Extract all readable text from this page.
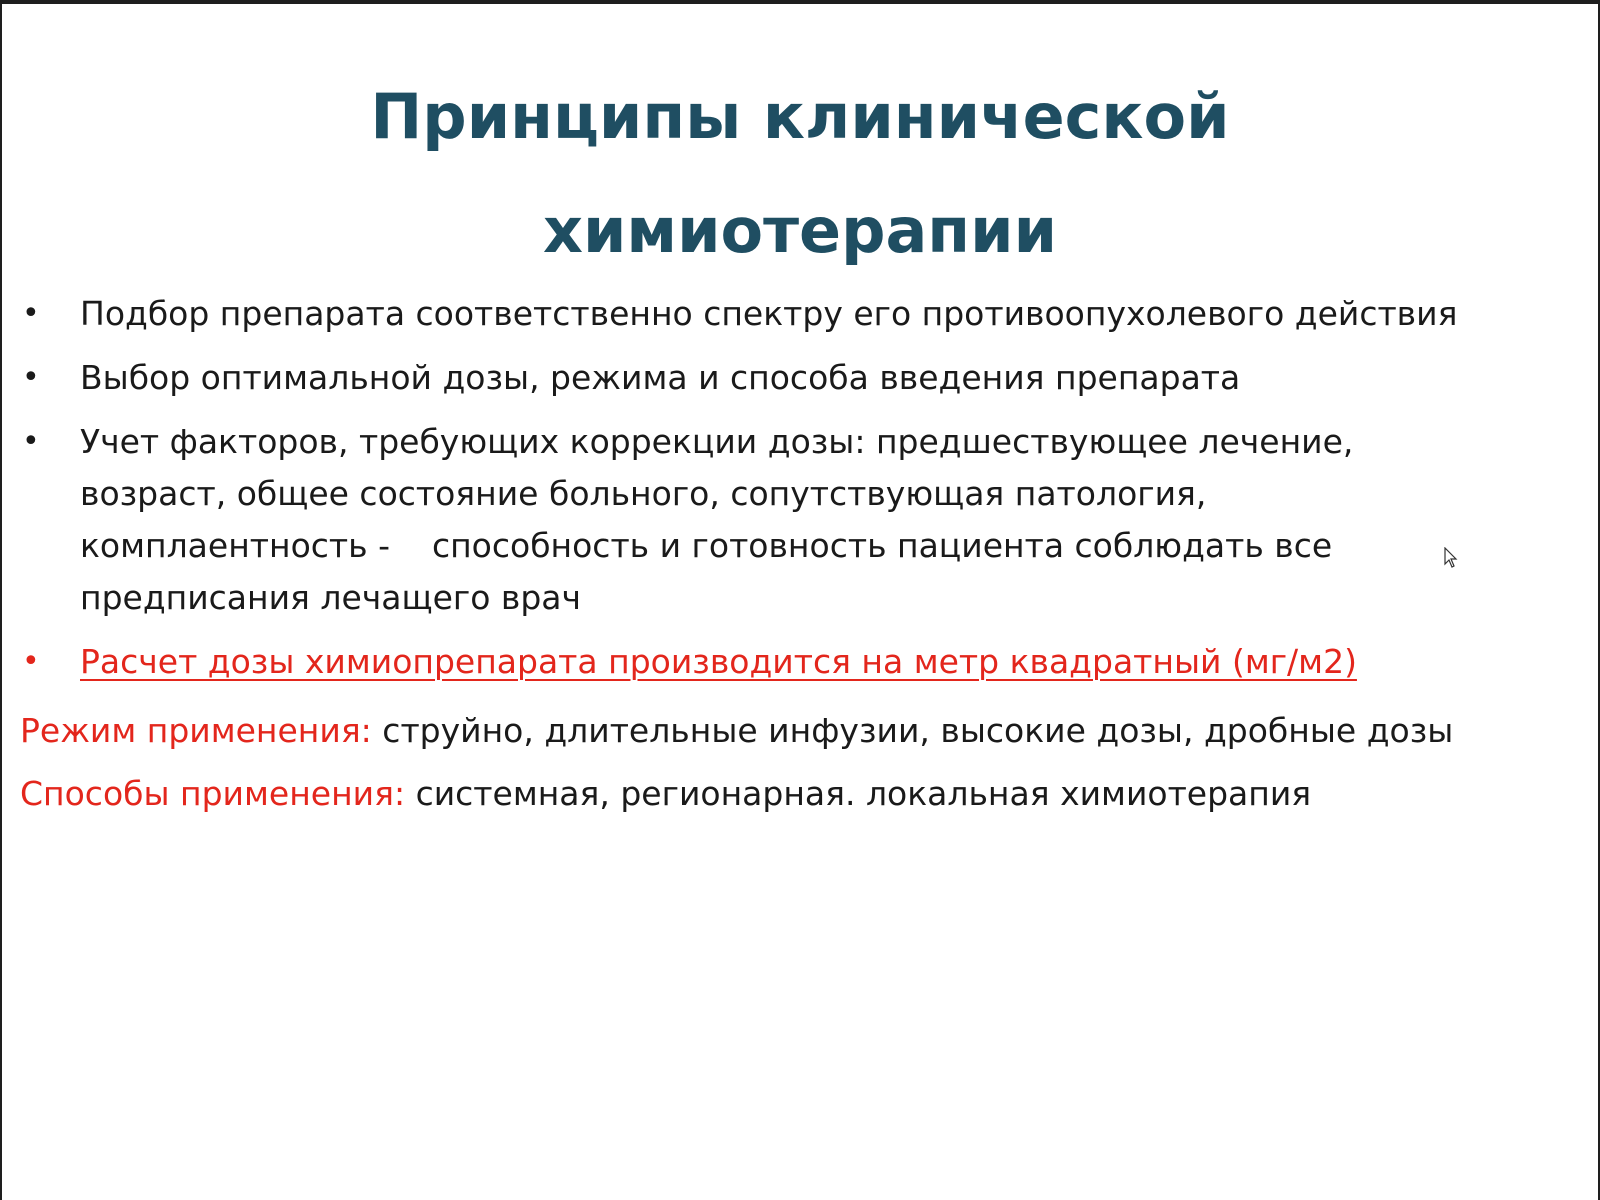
Принципы клинической
химиотерапии
• Подбор препарата соответственно спектру его противоопухолевого действия
• Выбор оптимальной дозы, режима и способа введения препарата
• Учет факторов, требующих коррекции дозы: предшествующее лечение,
возраст, общее состояние больного, сопутствующая патология,
комплаентность -    способность и готовность пациента соблюдать все
предписания лечащего врач
• Расчет дозы химиопрепарата производится на метр квадратный (мг/м2)
Режим применения: струйно, длительные инфузии, высокие дозы, дробные дозы
Способы применения: системная, регионарная. локальная химиотерапия
